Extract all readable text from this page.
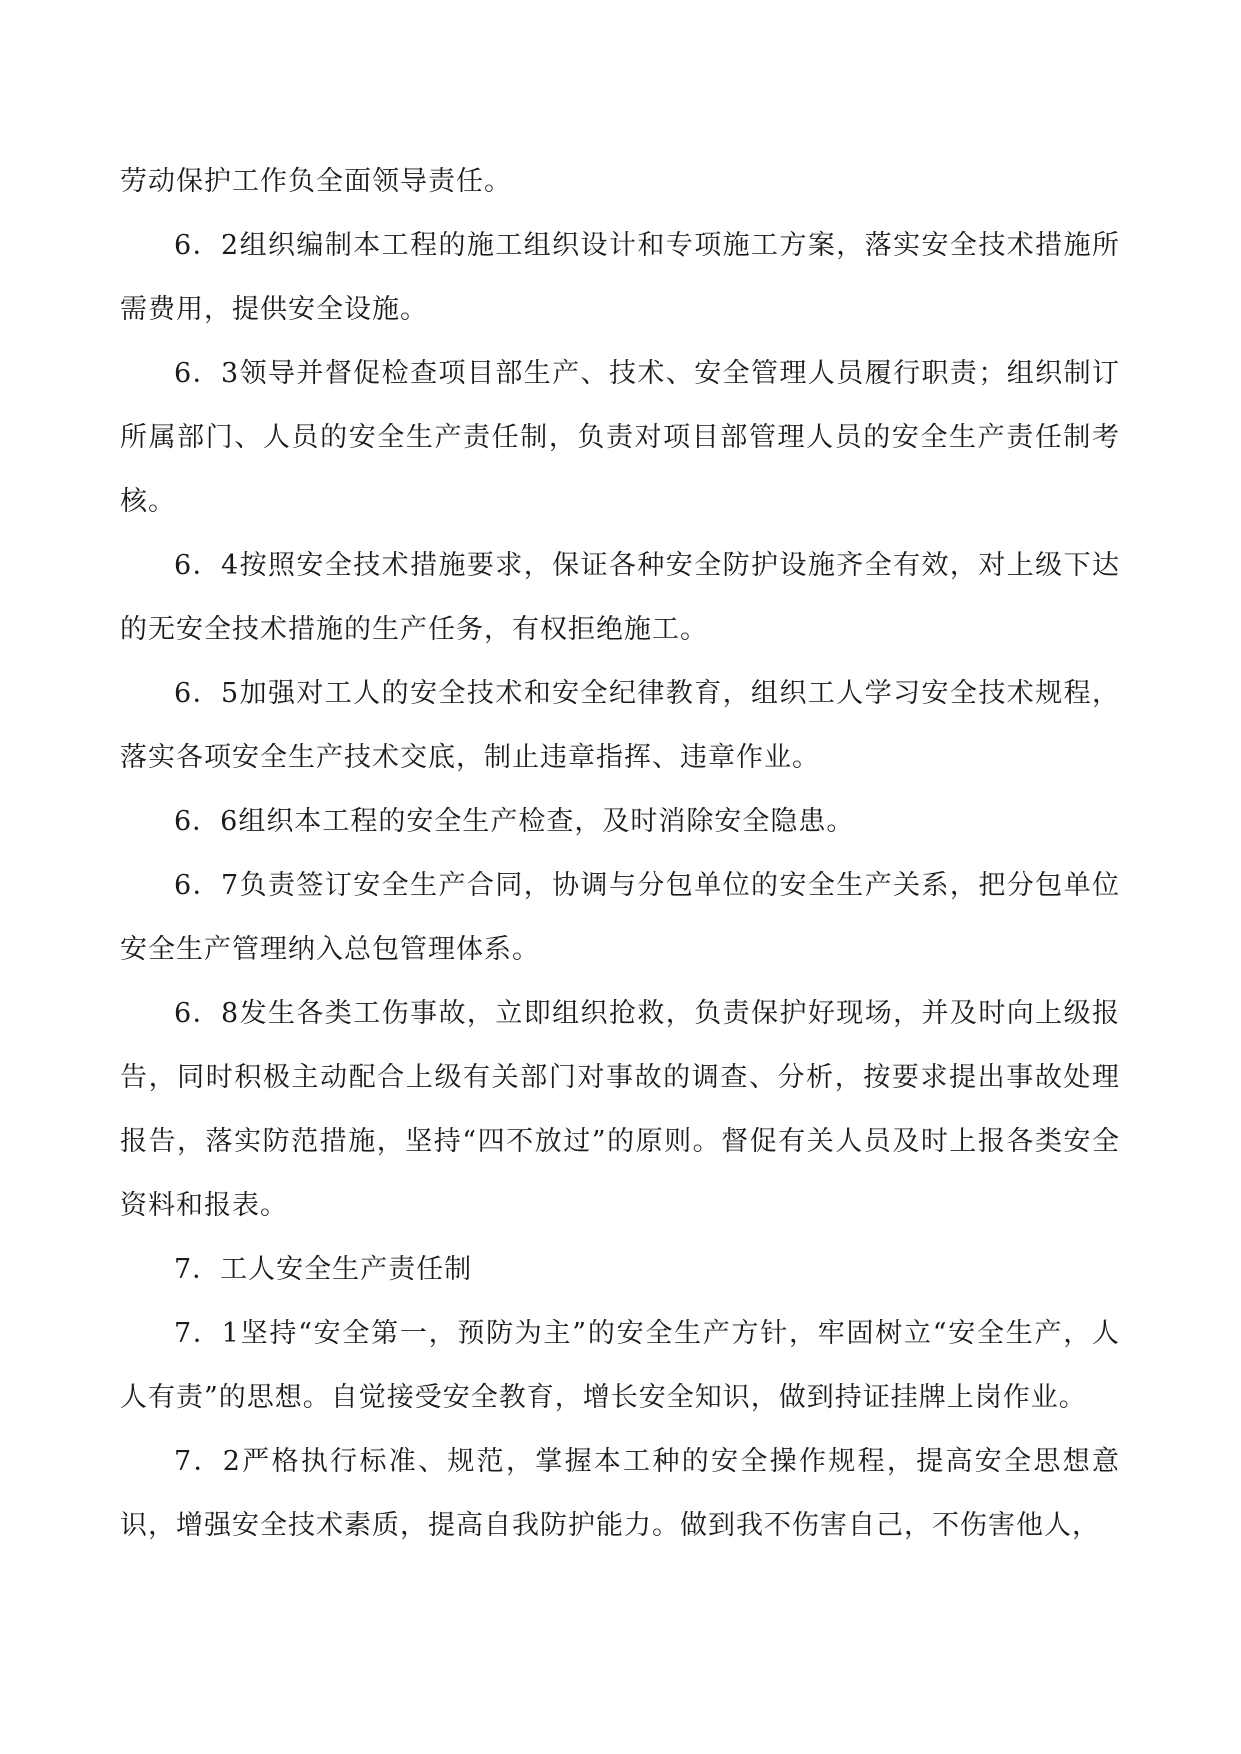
劳动保护工作负全面领导责任。

6．2组织编制本工程的施工组织设计和专项施工方案，落实安全技术措施所需费用，提供安全设施。

6．3领导并督促检查项目部生产、技术、安全管理人员履行职责；组织制订所属部门、人员的安全生产责任制，负责对项目部管理人员的安全生产责任制考核。

6．4按照安全技术措施要求，保证各种安全防护设施齐全有效，对上级下达的无安全技术措施的生产任务，有权拒绝施工。

6．5加强对工人的安全技术和安全纪律教育，组织工人学习安全技术规程，落实各项安全生产技术交底，制止违章指挥、违章作业。

6．6组织本工程的安全生产检查，及时消除安全隐患。

6．7负责签订安全生产合同，协调与分包单位的安全生产关系，把分包单位安全生产管理纳入总包管理体系。

6．8发生各类工伤事故，立即组织抢救，负责保护好现场，并及时向上级报告，同时积极主动配合上级有关部门对事故的调查、分析，按要求提出事故处理报告，落实防范措施，坚持“四不放过”的原则。督促有关人员及时上报各类安全资料和报表。

7．工人安全生产责任制

7．1坚持“安全第一，预防为主”的安全生产方针，牢固树立“安全生产，人人有责”的思想。自觉接受安全教育，增长安全知识，做到持证挂牌上岗作业。

7．2严格执行标准、规范，掌握本工种的安全操作规程，提高安全思想意识，增强安全技术素质，提高自我防护能力。做到我不伤害自己，不伤害他人，
